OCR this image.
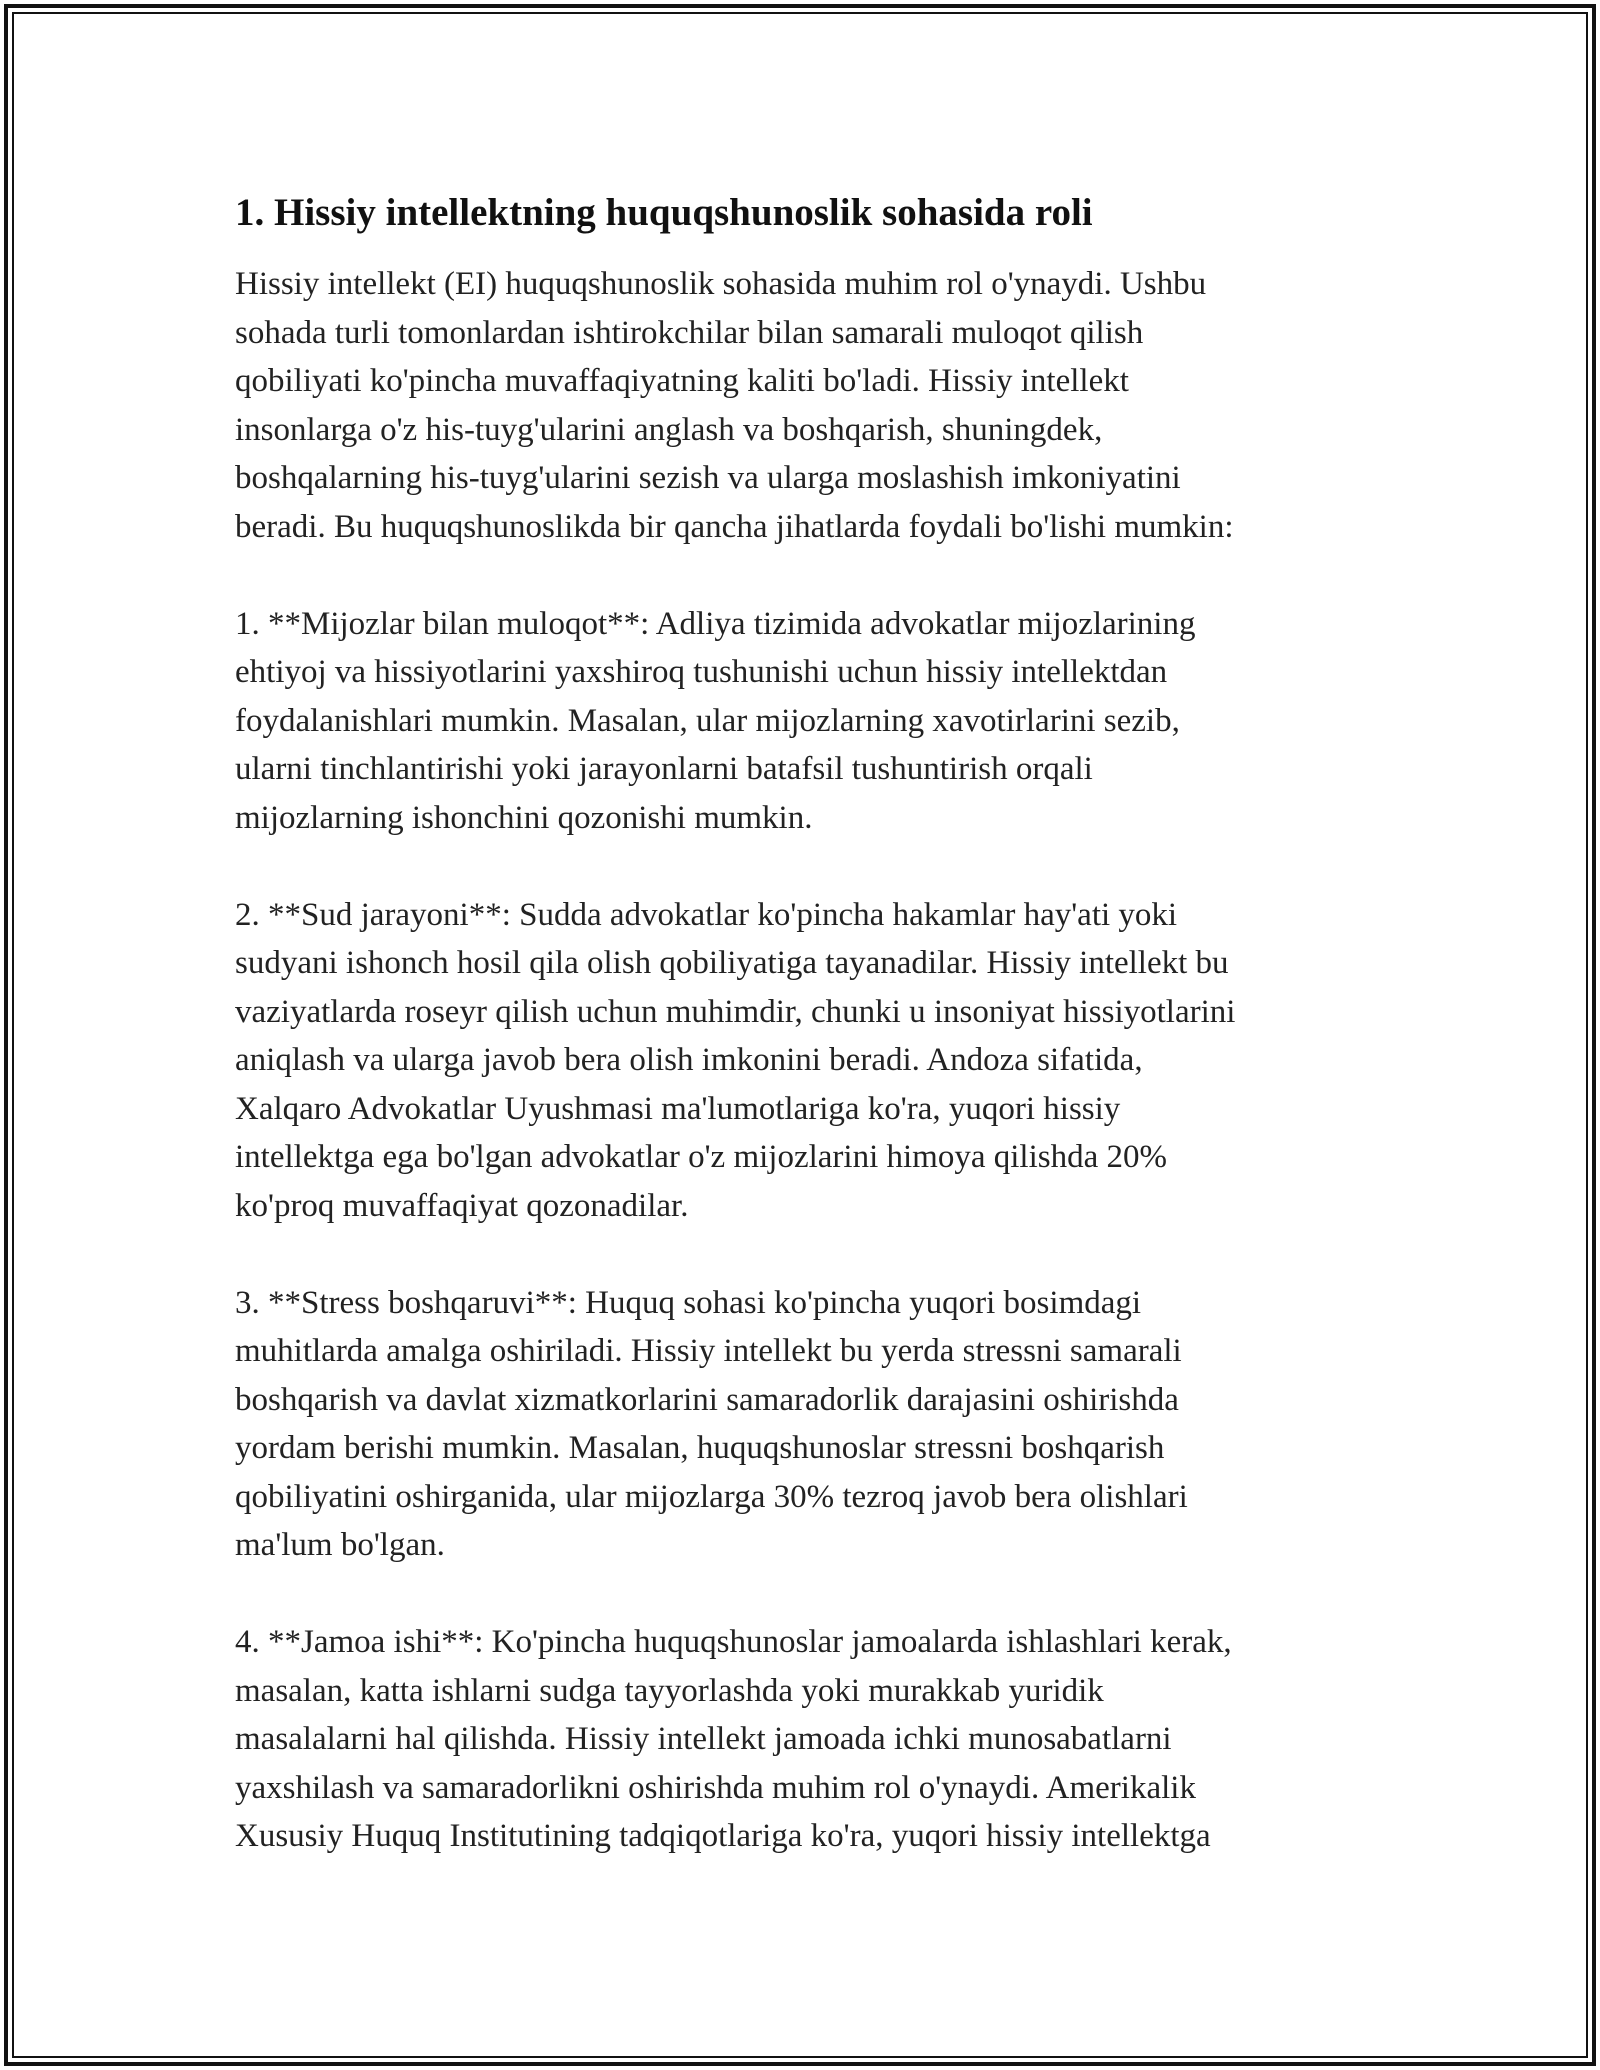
1. Hissiy intellektning huquqshunoslik sohasida roli

Hissiy intellekt (EI) huquqshunoslik sohasida muhim rol o'ynaydi. Ushbu
sohada turli tomonlardan ishtirokchilar bilan samarali muloqot qilish
qobiliyati ko'pincha muvaffaqiyatning kaliti bo'ladi. Hissiy intellekt
insonlarga o'z his-tuyg'ularini anglash va boshqarish, shuningdek,
boshqalarning his-tuyg'ularini sezish va ularga moslashish imkoniyatini
beradi. Bu huquqshunoslikda bir qancha jihatlarda foydali bo'lishi mumkin:

1. **Mijozlar bilan muloqot**: Adliya tizimida advokatlar mijozlarining
ehtiyoj va hissiyotlarini yaxshiroq tushunishi uchun hissiy intellektdan
foydalanishlari mumkin. Masalan, ular mijozlarning xavotirlarini sezib,
ularni tinchlantirishi yoki jarayonlarni batafsil tushuntirish orqali
mijozlarning ishonchini qozonishi mumkin.

2. **Sud jarayoni**: Sudda advokatlar ko'pincha hakamlar hay'ati yoki
sudyani ishonch hosil qila olish qobiliyatiga tayanadilar. Hissiy intellekt bu
vaziyatlarda roseyr qilish uchun muhimdir, chunki u insoniyat hissiyotlarini
aniqlash va ularga javob bera olish imkonini beradi. Andoza sifatida,
Xalqaro Advokatlar Uyushmasi ma'lumotlariga ko'ra, yuqori hissiy
intellektga ega bo'lgan advokatlar o'z mijozlarini himoya qilishda 20%
ko'proq muvaffaqiyat qozonadilar.

3. **Stress boshqaruvi**: Huquq sohasi ko'pincha yuqori bosimdagi
muhitlarda amalga oshiriladi. Hissiy intellekt bu yerda stressni samarali
boshqarish va davlat xizmatkorlarini samaradorlik darajasini oshirishda
yordam berishi mumkin. Masalan, huquqshunoslar stressni boshqarish
qobiliyatini oshirganida, ular mijozlarga 30% tezroq javob bera olishlari
ma'lum bo'lgan.

4. **Jamoa ishi**: Ko'pincha huquqshunoslar jamoalarda ishlashlari kerak,
masalan, katta ishlarni sudga tayyorlashda yoki murakkab yuridik
masalalarni hal qilishda. Hissiy intellekt jamoada ichki munosabatlarni
yaxshilash va samaradorlikni oshirishda muhim rol o'ynaydi. Amerikalik
Xususiy Huquq Institutining tadqiqotlariga ko'ra, yuqori hissiy intellektga
